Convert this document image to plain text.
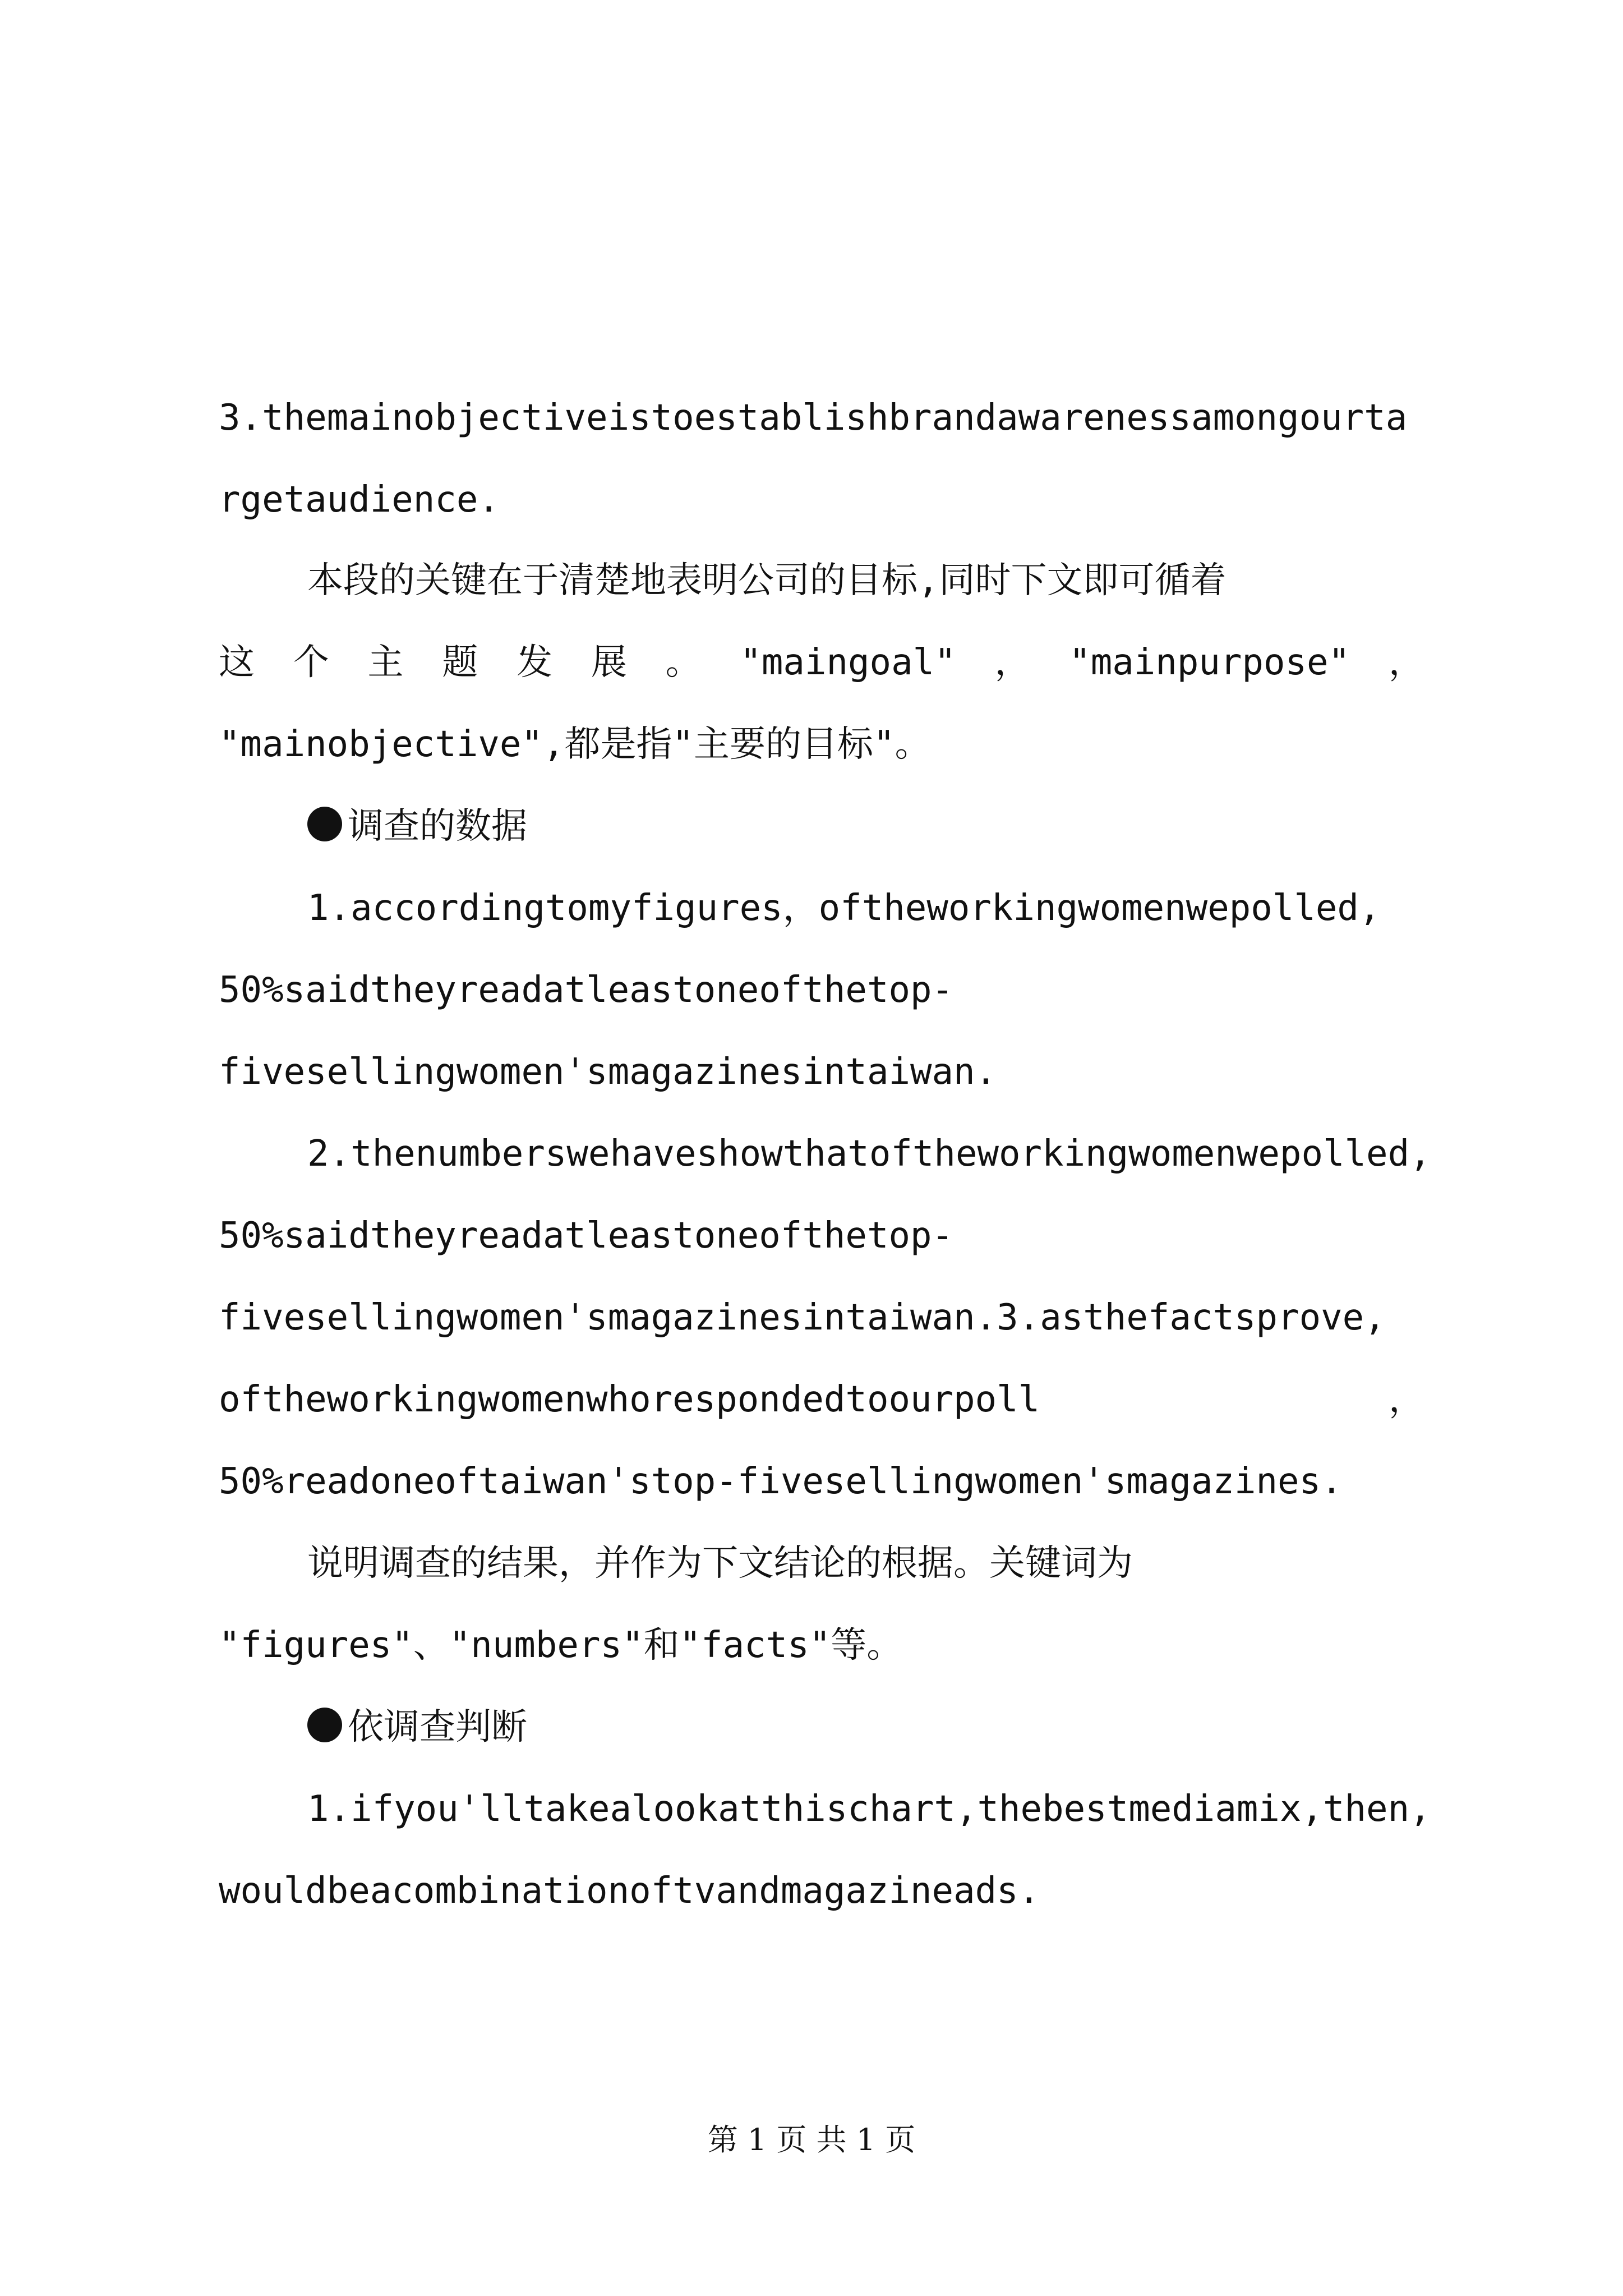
3.themainobjectiveistoestablishbrandawarenessamongourta
rgetaudience.
本段的关键在于清楚地表明公司的目标,同时下文即可循着
这 个 主 题 发 展 。 "maingoal" ， "mainpurpose" ，
"mainobjective",都是指"主要的目标"。
调查的数据
1.accordingtomyfigures，oftheworkingwomenwepolled,
50%saidtheyreadatleastoneofthetop-
fivesellingwomen'smagazinesintaiwan.
2.thenumberswehaveshowthatoftheworkingwomenwepolled,
50%saidtheyreadatleastoneofthetop-
fivesellingwomen'smagazinesintaiwan.3.asthefactsprove,
oftheworkingwomenwhorespondedtoourpoll	，
50%readoneoftaiwan'stop-fivesellingwomen'smagazines.
说明调查的结果，并作为下文结论的根据。关键词为
"figures"、"numbers"和"facts"等。
依调查判断
1.ifyou'lltakealookatthischart,thebestmediamix,then,
wouldbeacombinationoftvandmagazineads.
第 1 页 共 1 页
